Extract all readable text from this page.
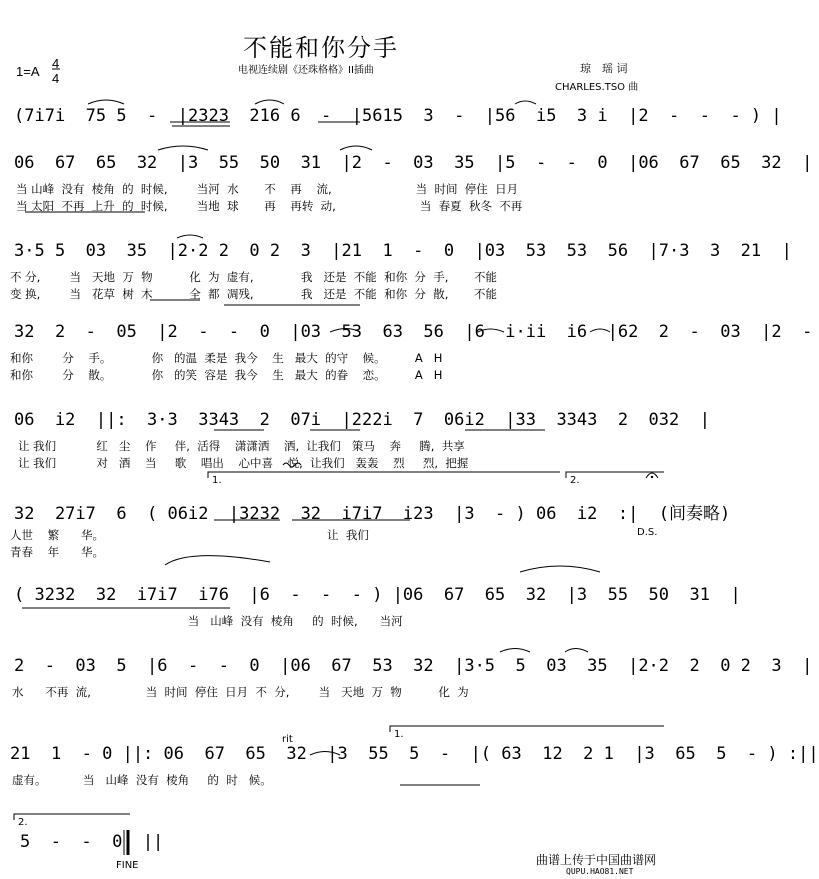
不能和你分手
电视连续剧《还珠格格》II插曲
1=A
4
4
琼　瑶 词
CHARLES.TSO 曲
(7i7i  75 5  -  |2323  216 6  -  |5615  3  -  |56  i5  3 i  |2  -  -  - ) |
06  67  65  32  |3  55  50  31  |2  -  03  35  |5  -  -  0  |06  67  65  32  |
当 山峰  没有  棱角  的  时候,        当河  水       不    再    流,                       当  时间  停住  日月
当 太阳  不再  上升  的  时候,        当地  球       再    再转  动,                       当  春夏  秋冬  不再
3·5 5  03  35  |2·2 2  0 2  3  |21  1  -  0  |03  53  53  56  |7·3  3  21  |
不 分,        当   天地  万  物          化  为  虚有,             我   还是  不能  和你  分  手,       不能
变 换,        当   花草  树  木          全  都  凋残,             我   还是  不能  和你  分  散,       不能
32  2  -  05  |2  -  -  0  |03  53  63  56  |6  i·ii  i6  |62  2  -  03  |2  -
和你        分    手。           你   的温  柔是  我今    生   最大  的守    候。        A   H
和你        分    散。           你   的笑  容是  我今    生   最大  的眷    恋。        A   H
06  i2  ||:  3·3  3343  2  07i  |222i  7  06i2  |33  3343  2  032  |
让 我们           红   尘    作     伴,  活得    潇潇洒    洒,  让我们   策马    奔     腾,  共享
让 我们           对   酒    当     歌    唱出    心中喜    悦,  让我们   轰轰    烈     烈,  把握
32  27i7  6  ( 06i2  |3232  32  i7i7  i23  |3  - ) 06  i2  :|  (间奏略)
人世    繁      华。                                                             让  我们
青春    年      华。
D.S.
( 3232  32  i7i7  i76  |6  -  -  - ) |06  67  65  32  |3  55  50  31  |
当   山峰  没有  棱角     的  时候,      当河
2  -  03  5  |6  -  -  0  |06  67  53  32  |3·5  5  03  35  |2·2  2  0 2  3  |
水      不再  流,               当  时间  停住  日月  不  分,        当   天地  万  物          化  为
1.	2.
rit	1.
21  1  - 0 ||: 06  67  65  32  |3  55  5  -  |( 63  12  2 1  |3  65  5  - ) :||
虚有。          当   山峰  没有  棱角     的  时   候。
2.
5  -  -  0  ||
FINE	曲谱上传于中国曲谱网
QUPU.HAO81.NET
